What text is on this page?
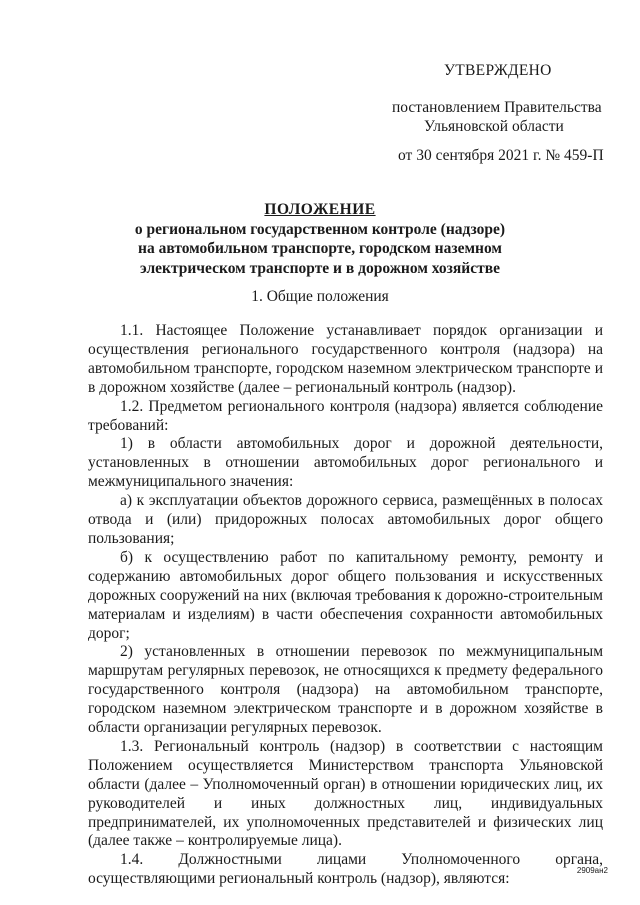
УТВЕРЖДЕНО
постановлением Правительства
Ульяновской области
от 30 сентября 2021 г. № 459-П
ПОЛОЖЕНИЕ
о региональном государственном контроле (надзоре)
на автомобильном транспорте, городском наземном
электрическом транспорте и в дорожном хозяйстве
1. Общие положения

1.1. Настоящее Положение устанавливает порядок организации и осуществления регионального государственного контроля (надзора) на автомобильном транспорте, городском наземном электрическом транспорте и в дорожном хозяйстве (далее – региональный контроль (надзор).

1.2. Предметом регионального контроля (надзора) является соблюдение требований:

1) в области автомобильных дорог и дорожной деятельности, установленных в отношении автомобильных дорог регионального и межмуниципального значения:

а) к эксплуатации объектов дорожного сервиса, размещённых в полосах отвода и (или) придорожных полосах автомобильных дорог общего пользования;

б) к осуществлению работ по капитальному ремонту, ремонту и содержанию автомобильных дорог общего пользования и искусственных дорожных сооружений на них (включая требования к дорожно-строительным материалам и изделиям) в части обеспечения сохранности автомобильных дорог;

2) установленных в отношении перевозок по межмуниципальным маршрутам регулярных перевозок, не относящихся к предмету федерального государственного контроля (надзора) на автомобильном транспорте, городском наземном электрическом транспорте и в дорожном хозяйстве в области организации регулярных перевозок.

1.3. Региональный контроль (надзор) в соответствии с настоящим Положением осуществляется Министерством транспорта Ульяновской области (далее – Уполномоченный орган) в отношении юридических лиц, их руководителей и иных должностных лиц, индивидуальных предпринимателей, их уполномоченных представителей и физических лиц (далее также – контролируемые лица).

1.4. Должностными лицами Уполномоченного органа, осуществляющими региональный контроль (надзор), являются:	2909ан2
